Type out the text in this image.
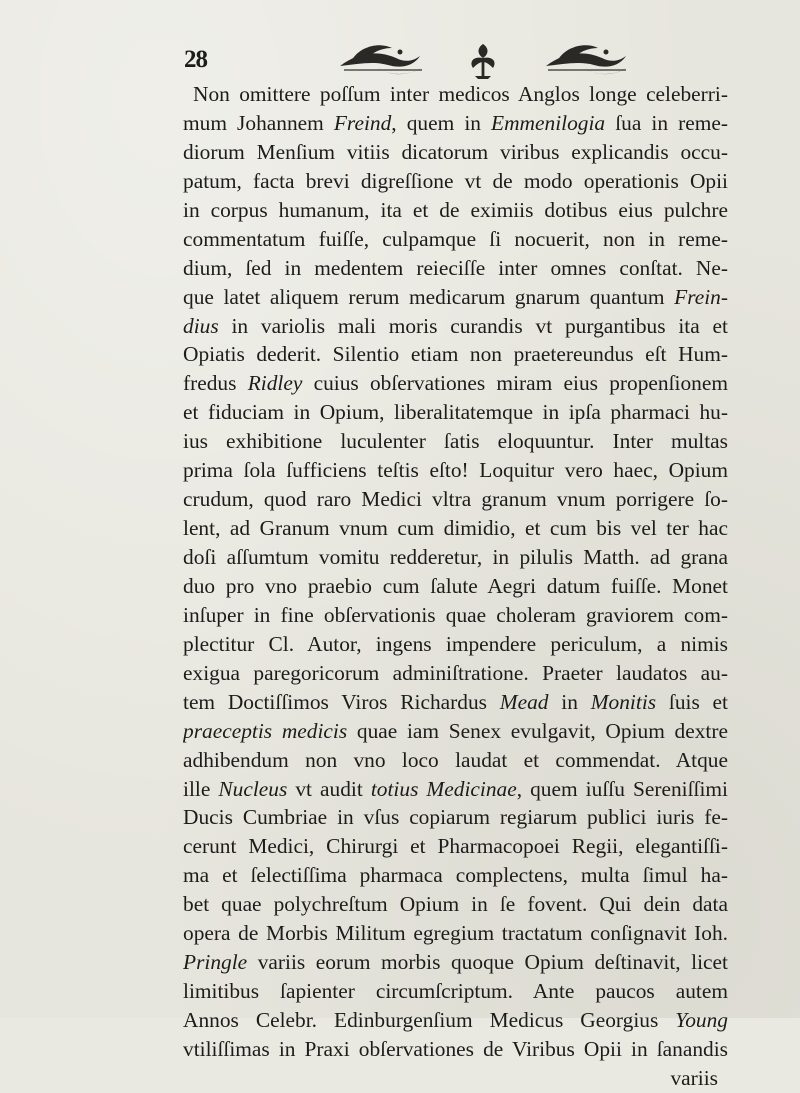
28
Non omittere poſſum inter medicos Anglos longe celeberri-
mum Johannem Freind, quem in Emmenilogia ſua in reme-
diorum Menſium vitiis dicatorum viribus explicandis occu-
patum, facta brevi digreſſione vt de modo operationis Opii
in corpus humanum, ita et de eximiis dotibus eius pulchre
commentatum fuiſſe, culpamque ſi nocuerit, non in reme-
dium, ſed in medentem reieciſſe inter omnes conſtat. Ne-
que latet aliquem rerum medicarum gnarum quantum Frein-
dius in variolis mali moris curandis vt purgantibus ita et
Opiatis dederit. Silentio etiam non praetereundus eſt Hum-
fredus Ridley cuius obſervationes miram eius propenſionem
et fiduciam in Opium, liberalitatemque in ipſa pharmaci hu-
ius exhibitione luculenter ſatis eloquuntur. Inter multas
prima ſola ſufficiens teſtis eſto! Loquitur vero haec, Opium
crudum, quod raro Medici vltra granum vnum porrigere ſo-
lent, ad Granum vnum cum dimidio, et cum bis vel ter hac
doſi aſſumtum vomitu redderetur, in pilulis Matth. ad grana
duo pro vno praebio cum ſalute Aegri datum fuiſſe. Monet
inſuper in fine obſervationis quae choleram graviorem com-
plectitur Cl. Autor, ingens impendere periculum, a nimis
exigua paregoricorum adminiſtratione. Praeter laudatos au-
tem Doctiſſimos Viros Richardus Mead in Monitis ſuis et
praeceptis medicis quae iam Senex evulgavit, Opium dextre
adhibendum non vno loco laudat et commendat. Atque
ille Nucleus vt audit totius Medicinae, quem iuſſu Sereniſſimi
Ducis Cumbriae in vſus copiarum regiarum publici iuris fe-
cerunt Medici, Chirurgi et Pharmacopoei Regii, elegantiſſi-
ma et ſelectiſſima pharmaca complectens, multa ſimul ha-
bet quae polychreſtum Opium in ſe fovent. Qui dein data
opera de Morbis Militum egregium tractatum conſignavit Ioh.
Pringle variis eorum morbis quoque Opium deſtinavit, licet
limitibus ſapienter circumſcriptum. Ante paucos autem
Annos Celebr. Edinburgenſium Medicus Georgius Young
vtiliſſimas in Praxi obſervationes de Viribus Opii in ſanandis
variis
